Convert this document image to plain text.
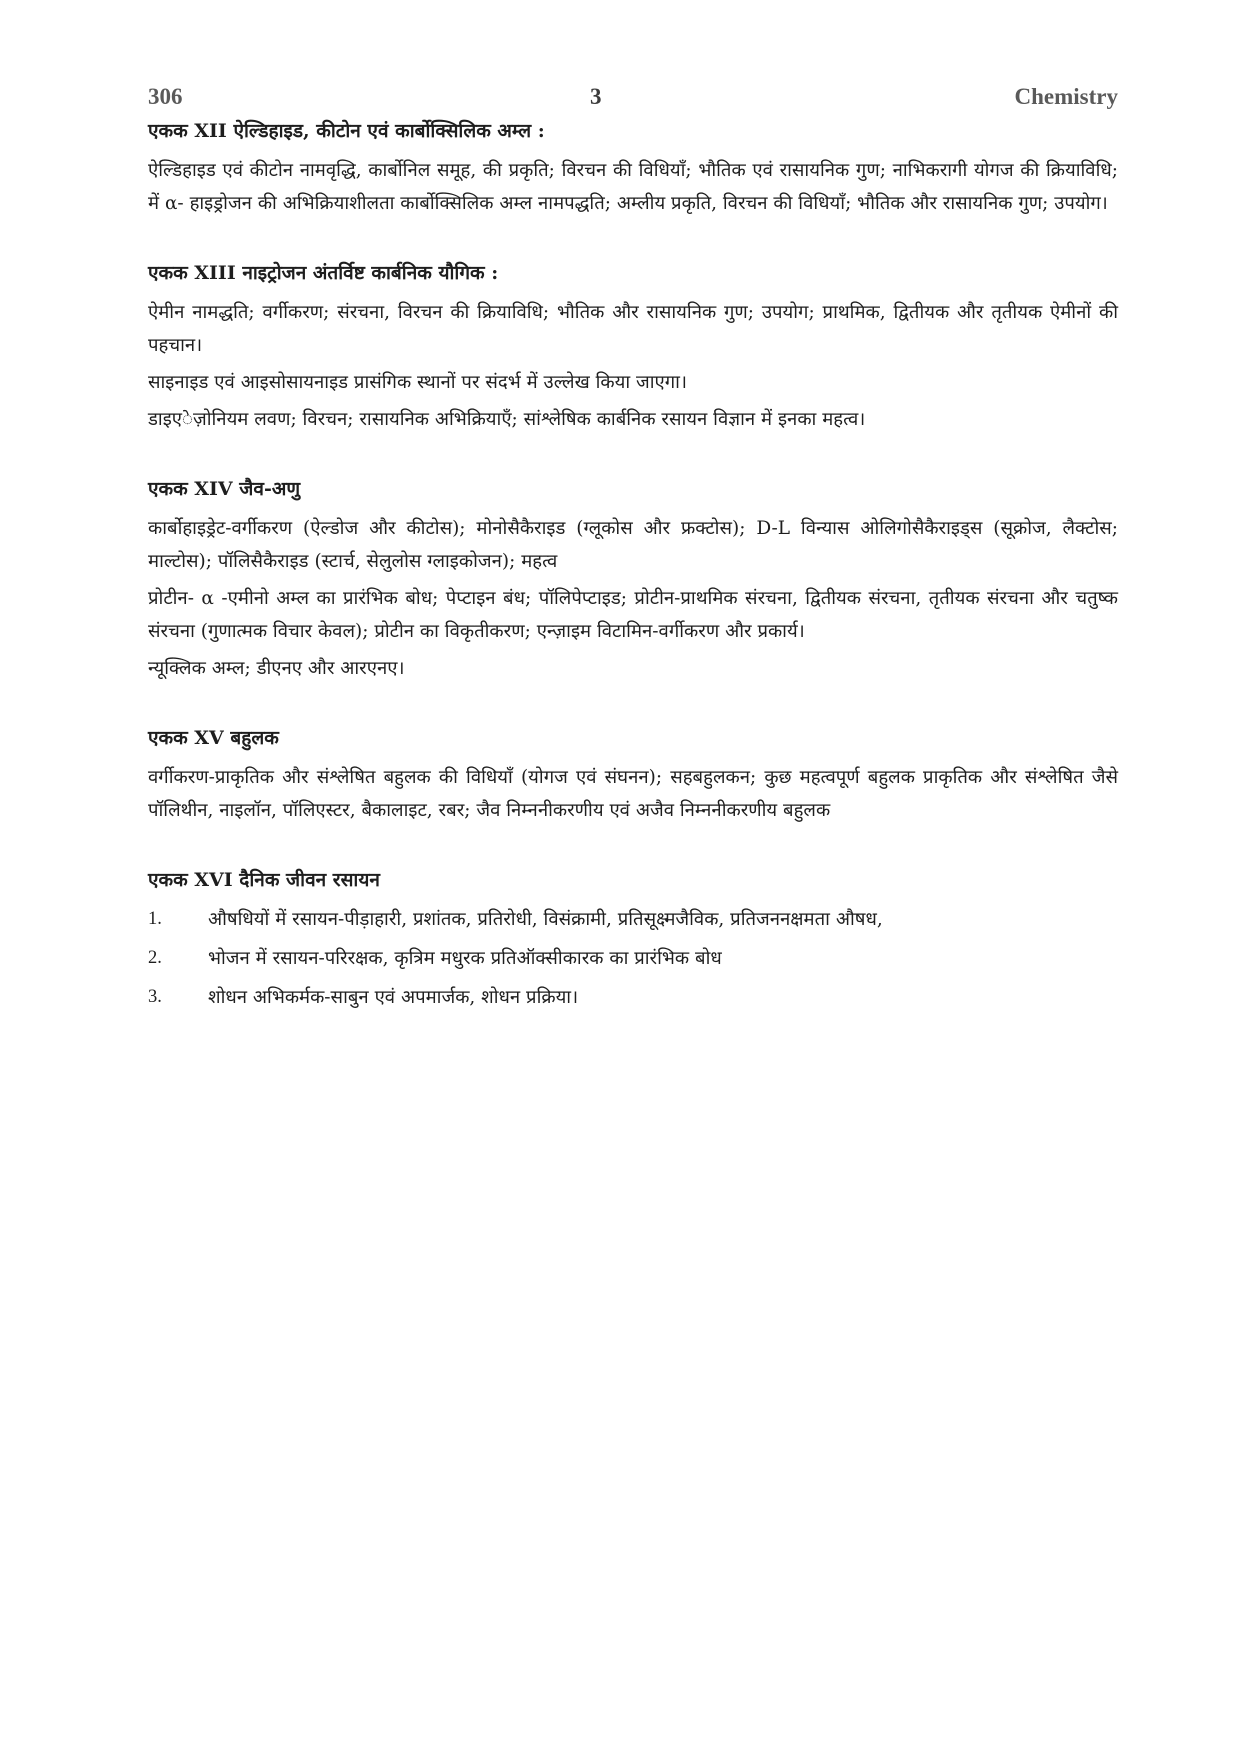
306	3	Chemistry
एकक XII ऐल्डिहाइड, कीटोन एवं कार्बोक्सिलिक अम्ल :

ऐल्डिहाइड एवं कीटोन नामवृद्धि, कार्बोनिल समूह, की प्रकृति; विरचन की विधियाँ; भौतिक एवं रासायनिक गुण; नाभिकरागी योगज की क्रियाविधि; में α- हाइड्रोजन की अभिक्रियाशीलता कार्बोक्सिलिक अम्ल नामपद्धति; अम्लीय प्रकृति, विरचन की विधियाँ; भौतिक और रासायनिक गुण; उपयोग।

एकक XIII नाइट्रोजन अंतर्विष्ट कार्बनिक यौगिक :

ऐमीन नामद्धति; वर्गीकरण; संरचना, विरचन की क्रियाविधि; भौतिक और रासायनिक गुण; उपयोग; प्राथमिक, द्वितीयक और तृतीयक ऐमीनों की पहचान।

साइनाइड एवं आइसोसायनाइड प्रासंगिक स्थानों पर संदर्भ में उल्लेख किया जाएगा।

डाइएेज़ोनियम लवण; विरचन; रासायनिक अभिक्रियाएँ; सांश्लेषिक कार्बनिक रसायन विज्ञान में इनका महत्व।

एकक XIV जैव-अणु

कार्बोहाइड्रेट-वर्गीकरण (ऐल्डोज और कीटोस); मोनोसैकैराइड (ग्लूकोस और फ्रक्टोस); D-L विन्यास ओलिगोसैकैराइड्स (सूक्रोज, लैक्टोस; माल्टोस); पॉलिसैकैराइड (स्टार्च, सेलुलोस ग्लाइकोजन); महत्व

प्रोटीन- α -एमीनो अम्ल का प्रारंभिक बोध; पेप्टाइन बंध; पॉलिपेप्टाइड; प्रोटीन-प्राथमिक संरचना, द्वितीयक संरचना, तृतीयक संरचना और चतुष्क संरचना (गुणात्मक विचार केवल); प्रोटीन का विकृतीकरण; एन्ज़ाइम विटामिन-वर्गीकरण और प्रकार्य।

न्यूक्लिक अम्ल; डीएनए और आरएनए।

एकक XV बहुलक

वर्गीकरण-प्राकृतिक और संश्लेषित बहुलक की विधियाँ (योगज एवं संघनन); सहबहुलकन; कुछ महत्वपूर्ण बहुलक प्राकृतिक और संश्लेषित जैसे पॉलिथीन, नाइलॉन, पॉलिएस्टर, बैकालाइट, रबर; जैव निम्ननीकरणीय एवं अजैव निम्ननीकरणीय बहुलक

एकक XVI दैनिक जीवन रसायन
1.	औषधियों में रसायन-पीड़ाहारी, प्रशांतक, प्रतिरोधी, विसंक्रामी, प्रतिसूक्ष्मजैविक, प्रतिजननक्षमता औषध,
2.	भोजन में रसायन-परिरक्षक, कृत्रिम मधुरक प्रतिऑक्सीकारक का प्रारंभिक बोध
3.	शोधन अभिकर्मक-साबुन एवं अपमार्जक, शोधन प्रक्रिया।
